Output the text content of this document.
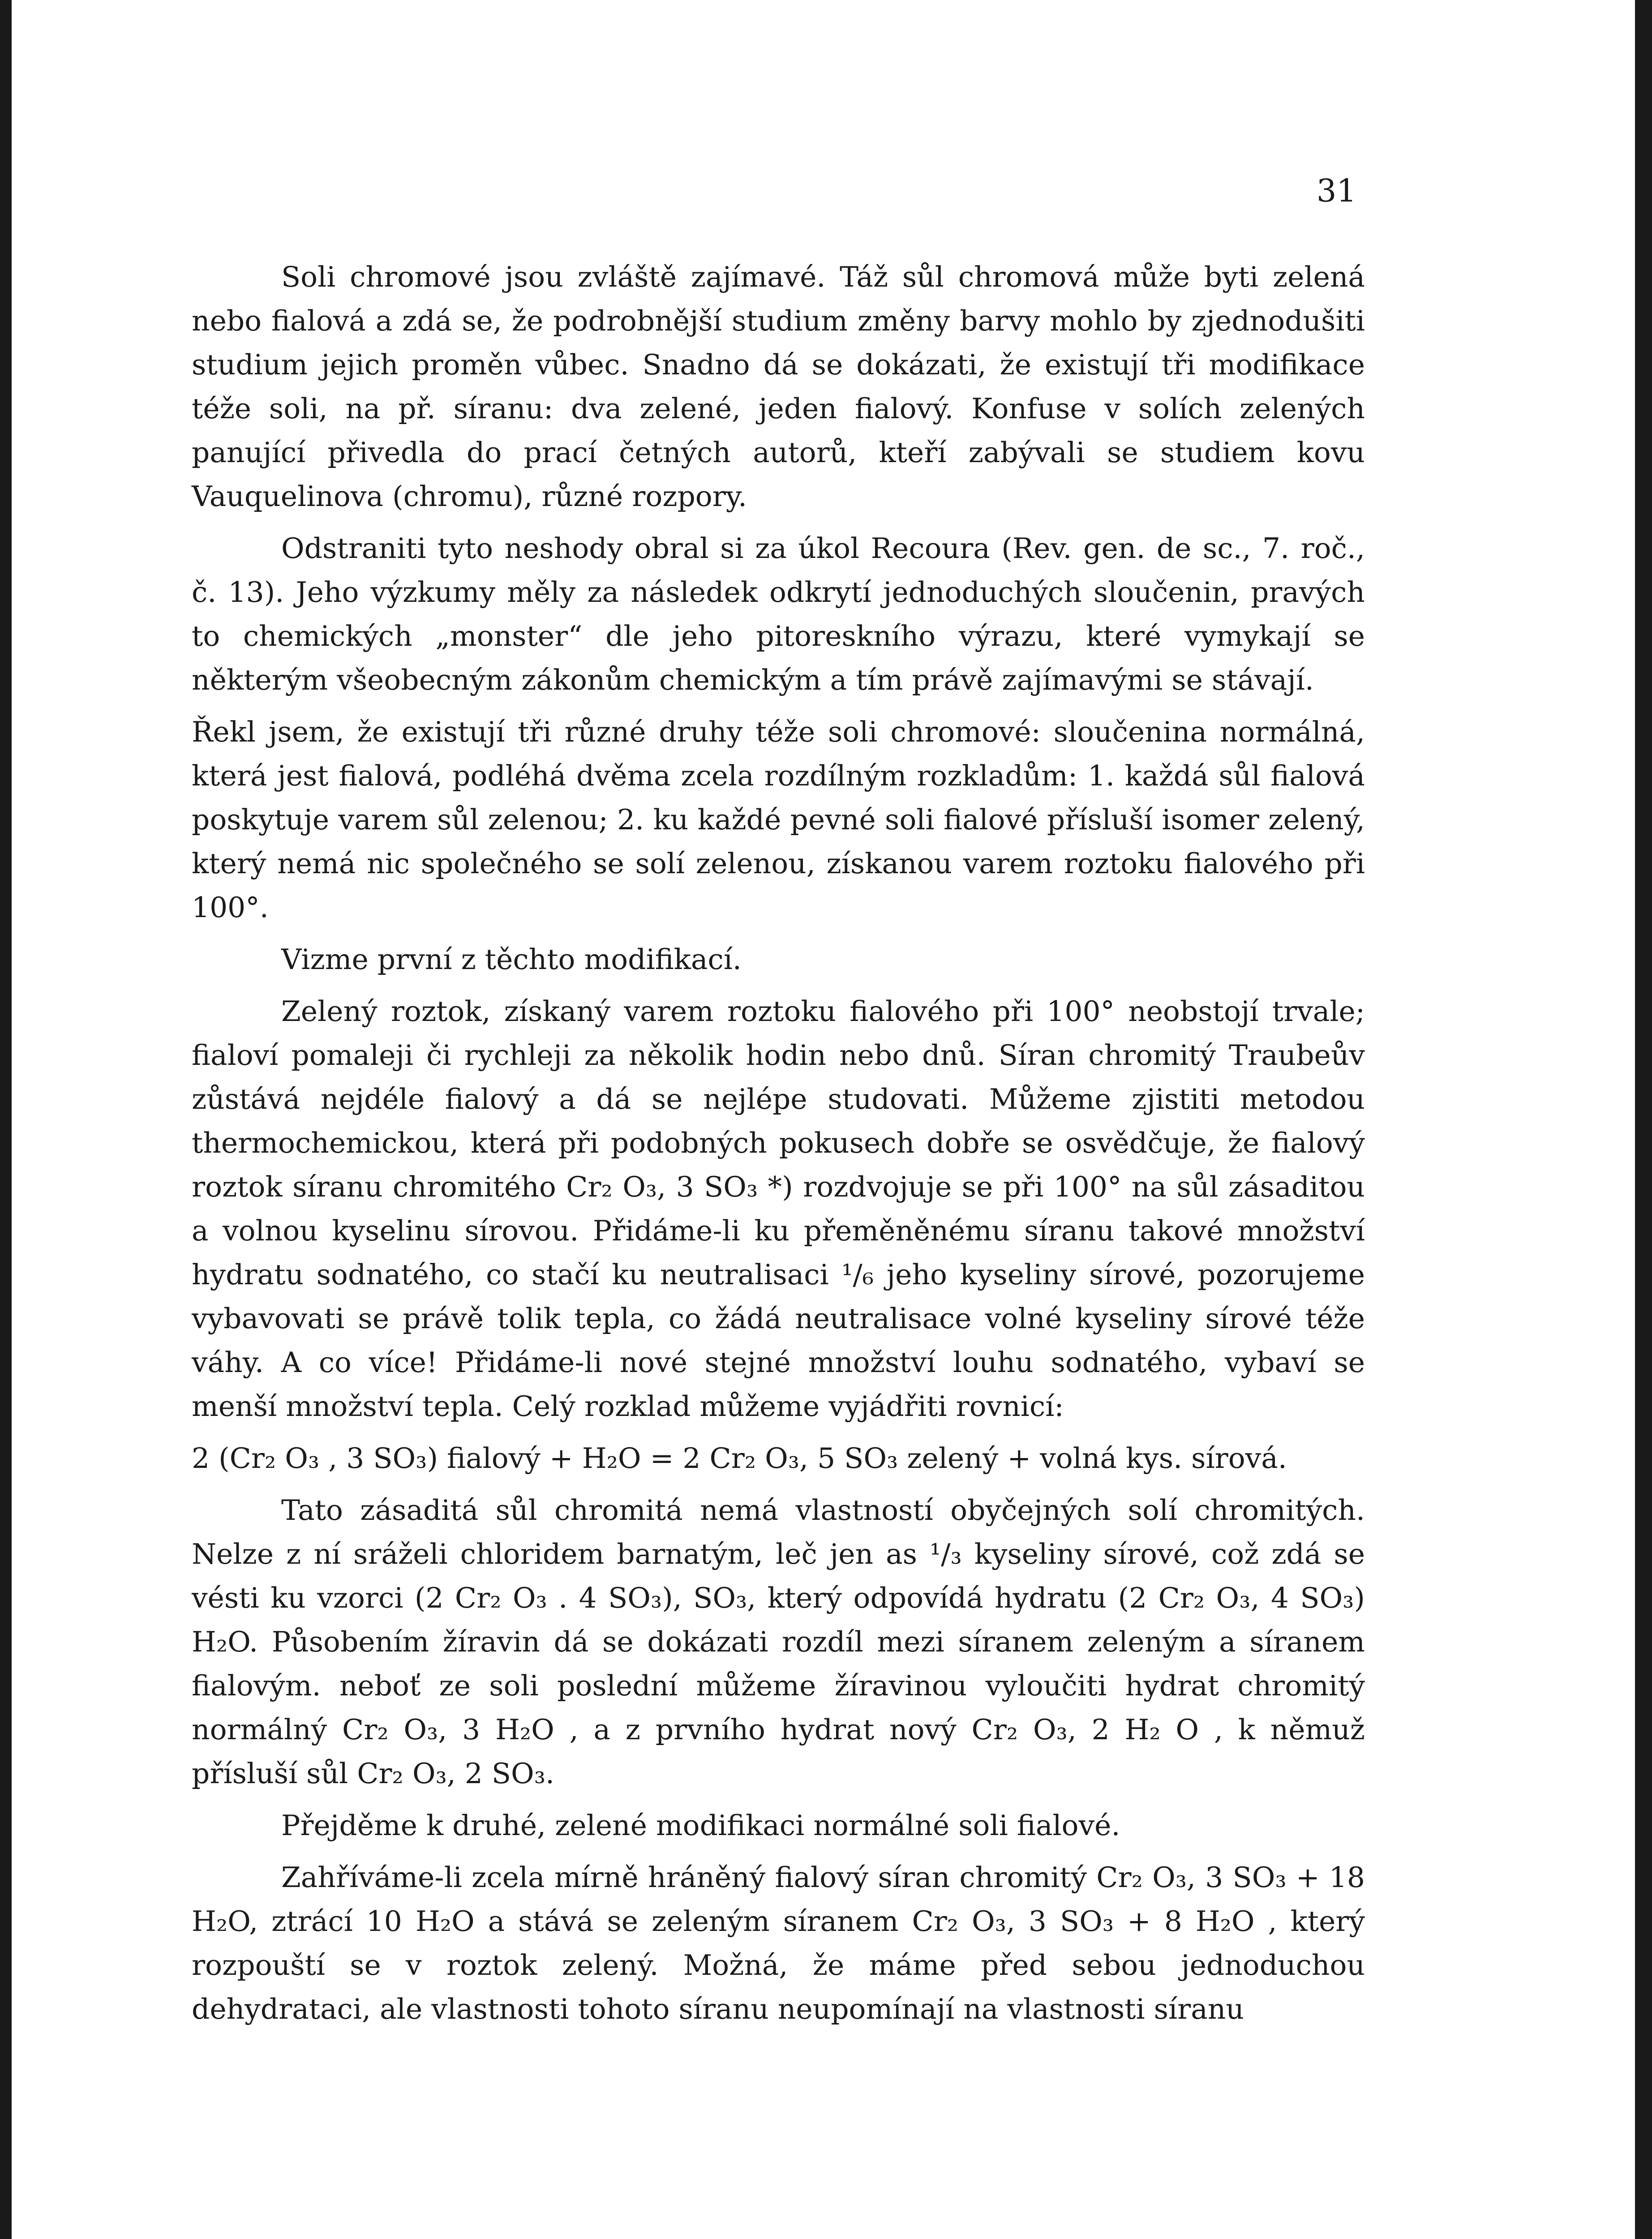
31

Soli chromové jsou zvláště zajímavé. Táž sůl chromová může byti zelená nebo fialová a zdá se, že podrobnější studium změny barvy mohlo by zjednodušiti studium jejich proměn vůbec. Snadno dá se dokázati, že existují tři modifikace téže soli, na př. síranu: dva zelené, jeden fialový. Konfuse v solích zelených panující přivedla do prací četných autorů, kteří zabývali se studiem kovu Vauquelinova (chromu), různé rozpory.

Odstraniti tyto neshody obral si za úkol Recoura (Rev. gen. de sc., 7. roč., č. 13). Jeho výzkumy měly za následek odkrytí jednoduchých sloučenin, pravých to chemických „monster“ dle jeho pitoreskního výrazu, které vymykají se některým všeobecným zákonům chemickým a tím právě zajímavými se stávají.

Řekl jsem, že existují tři různé druhy téže soli chromové: sloučenina normálná, která jest fialová, podléhá dvěma zcela rozdílným rozkladům: 1. každá sůl fialová poskytuje varem sůl zelenou; 2. ku každé pevné soli fialové přísluší isomer zelený, který nemá nic společného se solí zelenou, získanou varem roztoku fialového při 100°.

Vizme první z těchto modifikací.

Zelený roztok, získaný varem roztoku fialového při 100° neobstojí trvale; fialoví pomaleji či rychleji za několik hodin nebo dnů. Síran chromitý Traubeův zůstává nejdéle fialový a dá se nejlépe studovati. Můžeme zjistiti metodou thermochemickou, která při podobných pokusech dobře se osvědčuje, že fialový roztok síranu chromitého Cr₂ O₃, 3 SO₃ *) rozdvojuje se při 100° na sůl zásaditou a volnou kyselinu sírovou. Přidáme-li ku přeměněnému síranu takové množství hydratu sodnatého, co stačí ku neutralisaci ¹/₆ jeho kyseliny sírové, pozorujeme vybavovati se právě tolik tepla, co žádá neutralisace volné kyseliny sírové téže váhy. A co více! Přidáme-li nové stejné množství louhu sodnatého, vybaví se menší množství tepla. Celý rozklad můžeme vyjádřiti rovnicí:

2 (Cr₂ O₃ , 3 SO₃) fialový + H₂O = 2 Cr₂ O₃, 5 SO₃ zelený + volná kys. sírová.

Tato zásaditá sůl chromitá nemá vlastností obyčejných solí chromitých. Nelze z ní sráželi chloridem barnatým, leč jen as ¹/₃ kyseliny sírové, což zdá se vésti ku vzorci (2 Cr₂ O₃ . 4 SO₃), SO₃, který odpovídá hydratu (2 Cr₂ O₃, 4 SO₃) H₂O. Působením žíravin dá se dokázati rozdíl mezi síranem zeleným a síranem fialovým. neboť ze soli poslední můžeme žíravinou vyloučiti hydrat chromitý normálný Cr₂ O₃, 3 H₂O , a z prvního hydrat nový Cr₂ O₃, 2 H₂ O , k němuž přísluší sůl Cr₂ O₃, 2 SO₃.

Přejděme k druhé, zelené modifikaci normálné soli fialové.

Zahříváme-li zcela mírně hráněný fialový síran chromitý Cr₂ O₃, 3 SO₃ + 18 H₂O, ztrácí 10 H₂O a stává se zeleným síranem Cr₂ O₃, 3 SO₃ + 8 H₂O , který rozpouští se v roztok zelený. Možná, že máme před sebou jednoduchou dehydrataci, ale vlastnosti tohoto síranu neupomínají na vlastnosti síranu
